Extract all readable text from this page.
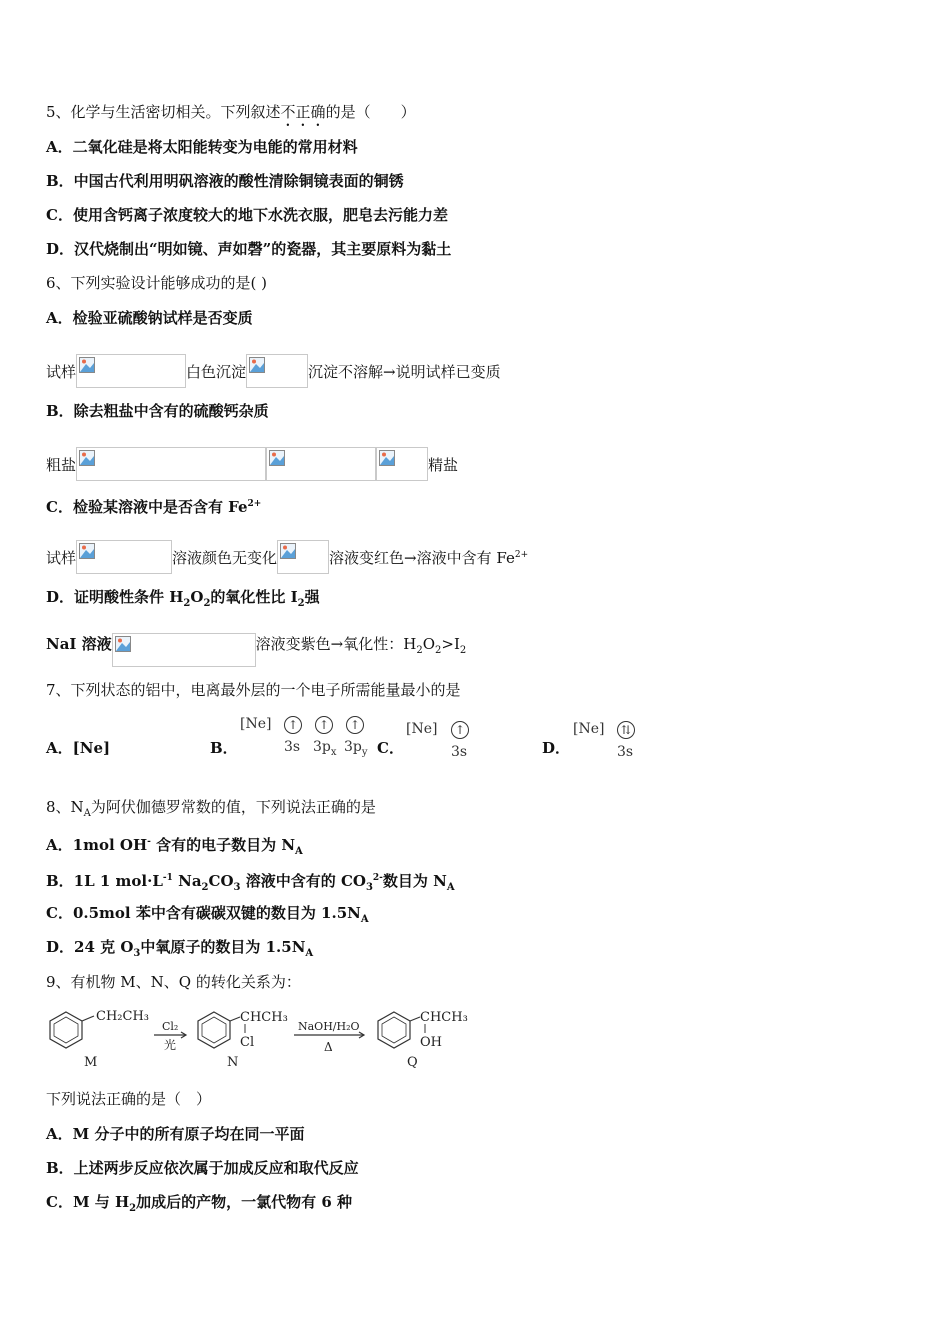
5、化学与生活密切相关。下列叙述不正确的是（　　）
A．二氧化硅是将太阳能转变为电能的常用材料
B．中国古代利用明矾溶液的酸性清除铜镜表面的铜锈
C．使用含钙离子浓度较大的地下水洗衣服，肥皂去污能力差
D．汉代烧制出“明如镜、声如磬”的瓷器，其主要原料为黏土
6、下列实验设计能够成功的是( )
A．检验亚硫酸钠试样是否变质
试样	白色沉淀	沉淀不溶解→说明试样已变质
B．除去粗盐中含有的硫酸钙杂质
粗盐	精盐
C．检验某溶液中是否含有 $Fe^{2+}$
试样	溶液颜色无变化	溶液变红色→溶液中含有 $Fe^{2+}$
D．证明酸性条件 $H_2O_2$的氧化性比 $I_2$强
NaI 溶液	溶液变紫色→氧化性：$H_2O_2>I_2$
7、下列状态的铝中，电离最外层的一个电子所需能量最小的是
A．[Ne]	B．
[Ne]	↑	↑	↑
3s $3p_x$ $3p_y$ C．
[Ne]	↑
3s	D．
[Ne]	⇅
3s
8、$N_A$为阿伏伽德罗常数的值，下列说法正确的是
A．1mol OH- 含有的电子数目为 $N_A$
B．1L 1 $mol\cdot L^{-1}$ $Na_2CO_3$ 溶液中含有的 $CO_3^{2-}$数目为 $N_A$
C．0.5mol 苯中含有碳碳双键的数目为 $1.5N_A$
D．24 克 $O_3$中氧原子的数目为 $1.5N_A$
9、有机物 M、N、Q 的转化关系为：
CH₂CH₃
M
Cl₂
光
CHCH₃
Cl
N
NaOH/H₂O
Δ
CHCH₃
OH
Q
下列说法正确的是（　）
A．M 分子中的所有原子均在同一平面
B．上述两步反应依次属于加成反应和取代反应
C．M 与 $H_2$加成后的产物，一氯代物有 6 种
